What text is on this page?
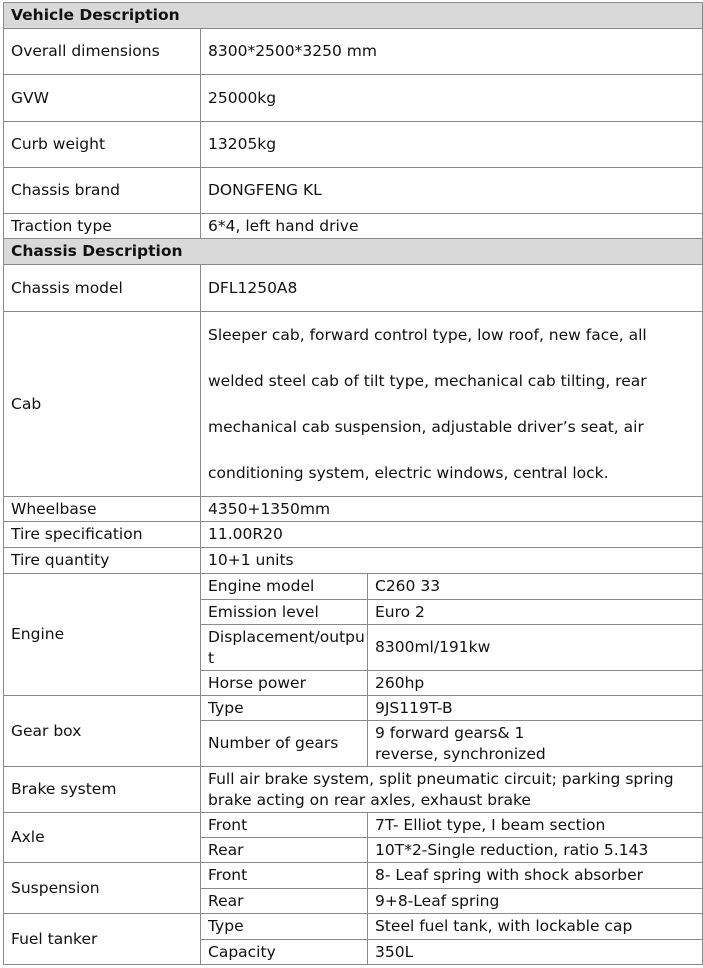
Vehicle Description		
Overall dimensions	8300*2500*3250 mm	
GVW	25000kg	
Curb weight	13205kg	
Chassis brand	DONGFENG KL	
Traction type	6*4, left hand drive	
Chassis Description		
Chassis model	DFL1250A8	
Cab	Sleeper cab, forward control type, low roof, new face, all welded steel cab of tilt type, mechanical cab tilting, rear mechanical cab suspension, adjustable driver’s seat, air conditioning system, electric windows, central lock.	
Wheelbase	4350+1350mm	
Tire specification	11.00R20	
Tire quantity	10+1 units	
Engine	Engine model	C260 33
	Emission level	Euro 2
	Displacement/output	8300ml/191kw
	Horse power	260hp
Gear box	Type	9JS119T-B
	Number of gears	9 forward gears& 1 reverse, synchronized
Brake system	Full air brake system, split pneumatic circuit; parking spring brake acting on rear axles, exhaust brake	
Axle	Front	7T- Elliot type, I beam section
	Rear	10T*2-Single reduction, ratio 5.143
Suspension	Front	8- Leaf spring with shock absorber
	Rear	9+8-Leaf spring
Fuel tanker	Type	Steel fuel tank, with lockable cap
	Capacity	350L
